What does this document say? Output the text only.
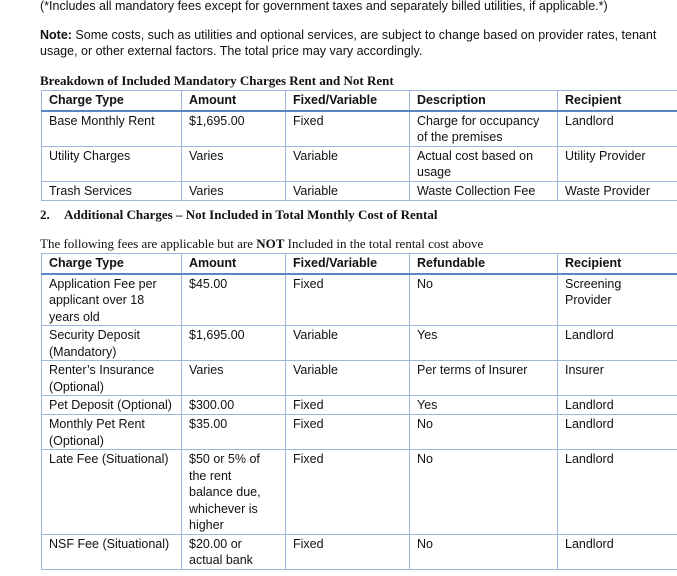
(*Includes all mandatory fees except for government taxes and separately billed utilities, if applicable.*)

Note: Some costs, such as utilities and optional services, are subject to change based on provider rates, tenant usage, or other external factors. The total price may vary accordingly.

Breakdown of Included Mandatory Charges Rent and Not Rent

Charge Type	Amount	Fixed/Variable	Description	Recipient
Base Monthly Rent	$1,695.00	Fixed	Charge for occupancy of the premises	Landlord
Utility Charges	Varies	Variable	Actual cost based on usage	Utility Provider
Trash Services	Varies	Variable	Waste Collection Fee	Waste Provider

2. Additional Charges – Not Included in Total Monthly Cost of Rental

The following fees are applicable but are NOT Included in the total rental cost above

Charge Type	Amount	Fixed/Variable	Refundable	Recipient
Application Fee per applicant over 18 years old	$45.00	Fixed	No	Screening Provider
Security Deposit (Mandatory)	$1,695.00	Variable	Yes	Landlord
Renter’s Insurance (Optional)	Varies	Variable	Per terms of Insurer	Insurer
Pet Deposit (Optional)	$300.00	Fixed	Yes	Landlord
Monthly Pet Rent (Optional)	$35.00	Fixed	No	Landlord
Late Fee (Situational)	$50 or 5% of the rent balance due, whichever is higher	Fixed	No	Landlord
NSF Fee (Situational)	$20.00 or actual bank	Fixed	No	Landlord
